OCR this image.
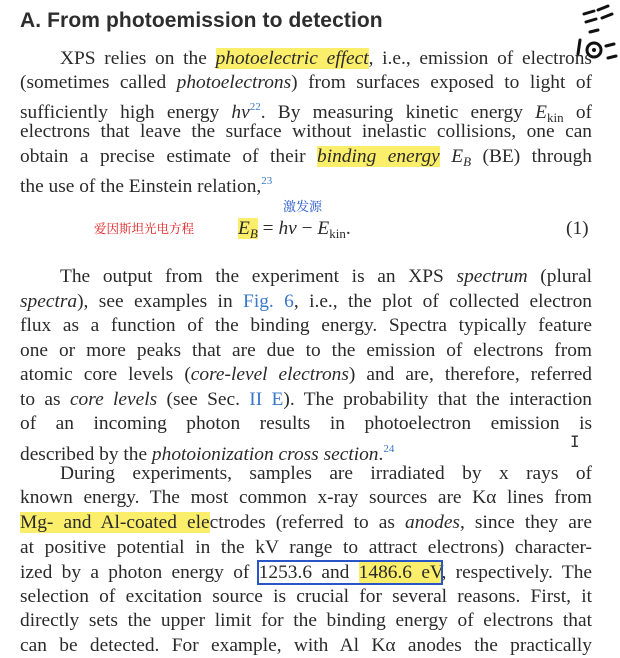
A. From photoemission to detection
XPS relies on the photoelectric effect, i.e., emission of electrons
(sometimes called photoelectrons) from surfaces exposed to light of
sufficiently high energy $h\nu^{22}$. By measuring kinetic energy $E_{kin}$ of
electrons that leave the surface without inelastic collisions, one can
obtain a precise estimate of their binding energy $E_B$ (BE) through
the use of the Einstein relation,$^{23}$
激发源
爱因斯坦光电方程 $E_B = h\nu - E_{kin}$.	(1)
The output from the experiment is an XPS spectrum (plural
spectra), see examples in Fig. 6, i.e., the plot of collected electron
flux as a function of the binding energy. Spectra typically feature
one or more peaks that are due to the emission of electrons from
atomic core levels (core-level electrons) and are, therefore, referred
to as core levels (see Sec. II E). The probability that the interaction
of an incoming photon results in photoelectron emission is
described by the photoionization cross section.$^{24}$	I
During experiments, samples are irradiated by x rays of
known energy. The most common x-ray sources are Kα lines from
Mg- and Al-coated electrodes (referred to as anodes, since they are
at positive potential in the kV range to attract electrons) character-
ized by a photon energy of 1253.6 and 1486.6 eV, respectively. The
selection of excitation source is crucial for several reasons. First, it
directly sets the upper limit for the binding energy of electrons that
can be detected. For example, with Al Kα anodes the practically
